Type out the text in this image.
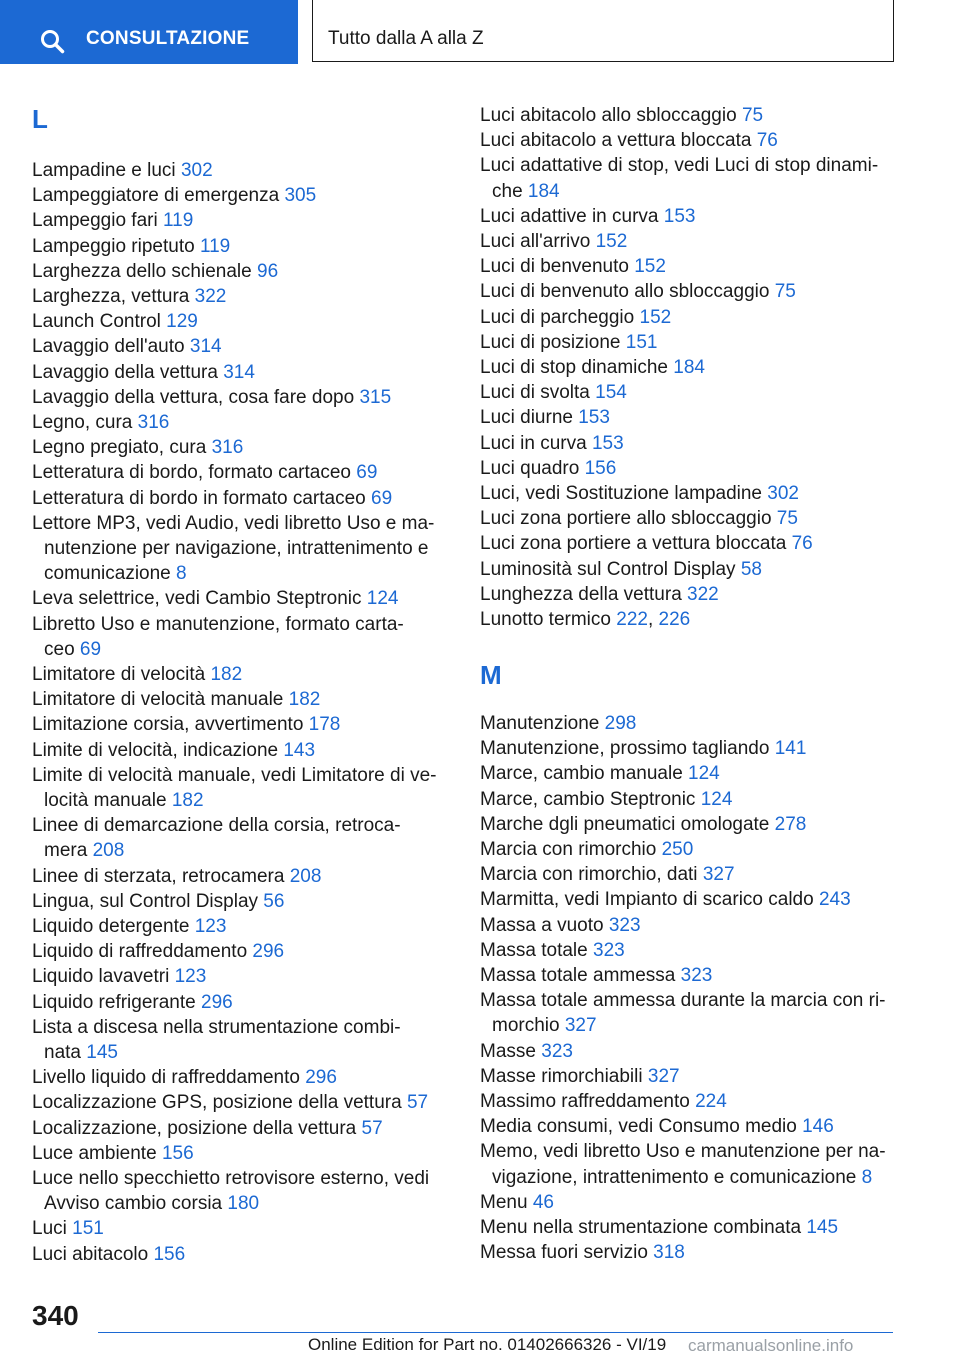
CONSULTAZIONE	Tutto dalla A alla Z
L
Lampadine e luci 302
Lampeggiatore di emergenza 305
Lampeggio fari 119
Lampeggio ripetuto 119
Larghezza dello schienale 96
Larghezza, vettura 322
Launch Control 129
Lavaggio dell'auto 314
Lavaggio della vettura 314
Lavaggio della vettura, cosa fare dopo 315
Legno, cura 316
Legno pregiato, cura 316
Letteratura di bordo, formato cartaceo 69
Letteratura di bordo in formato cartaceo 69
Lettore MP3, vedi Audio, vedi libretto Uso e ma-
nutenzione per navigazione, intrattenimento e
comunicazione 8
Leva selettrice, vedi Cambio Steptronic 124
Libretto Uso e manutenzione, formato carta-
ceo 69
Limitatore di velocità 182
Limitatore di velocità manuale 182
Limitazione corsia, avvertimento 178
Limite di velocità, indicazione 143
Limite di velocità manuale, vedi Limitatore di ve-
locità manuale 182
Linee di demarcazione della corsia, retroca-
mera 208
Linee di sterzata, retrocamera 208
Lingua, sul Control Display 56
Liquido detergente 123
Liquido di raffreddamento 296
Liquido lavavetri 123
Liquido refrigerante 296
Lista a discesa nella strumentazione combi-
nata 145
Livello liquido di raffreddamento 296
Localizzazione GPS, posizione della vettura 57
Localizzazione, posizione della vettura 57
Luce ambiente 156
Luce nello specchietto retrovisore esterno, vedi
Avviso cambio corsia 180
Luci 151
Luci abitacolo 156
Luci abitacolo allo sbloccaggio 75
Luci abitacolo a vettura bloccata 76
Luci adattative di stop, vedi Luci di stop dinami-
che 184
Luci adattive in curva 153
Luci all'arrivo 152
Luci di benvenuto 152
Luci di benvenuto allo sbloccaggio 75
Luci di parcheggio 152
Luci di posizione 151
Luci di stop dinamiche 184
Luci di svolta 154
Luci diurne 153
Luci in curva 153
Luci quadro 156
Luci, vedi Sostituzione lampadine 302
Luci zona portiere allo sbloccaggio 75
Luci zona portiere a vettura bloccata 76
Luminosità sul Control Display 58
Lunghezza della vettura 322
Lunotto termico 222, 226
M
Manutenzione 298
Manutenzione, prossimo tagliando 141
Marce, cambio manuale 124
Marce, cambio Steptronic 124
Marche dgli pneumatici omologate 278
Marcia con rimorchio 250
Marcia con rimorchio, dati 327
Marmitta, vedi Impianto di scarico caldo 243
Massa a vuoto 323
Massa totale 323
Massa totale ammessa 323
Massa totale ammessa durante la marcia con ri-
morchio 327
Masse 323
Masse rimorchiabili 327
Massimo raffreddamento 224
Media consumi, vedi Consumo medio 146
Memo, vedi libretto Uso e manutenzione per na-
vigazione, intrattenimento e comunicazione 8
Menu 46
Menu nella strumentazione combinata 145
Messa fuori servizio 318
340
Online Edition for Part no. 01402666326 - VI/19 carmanualsonline.info
